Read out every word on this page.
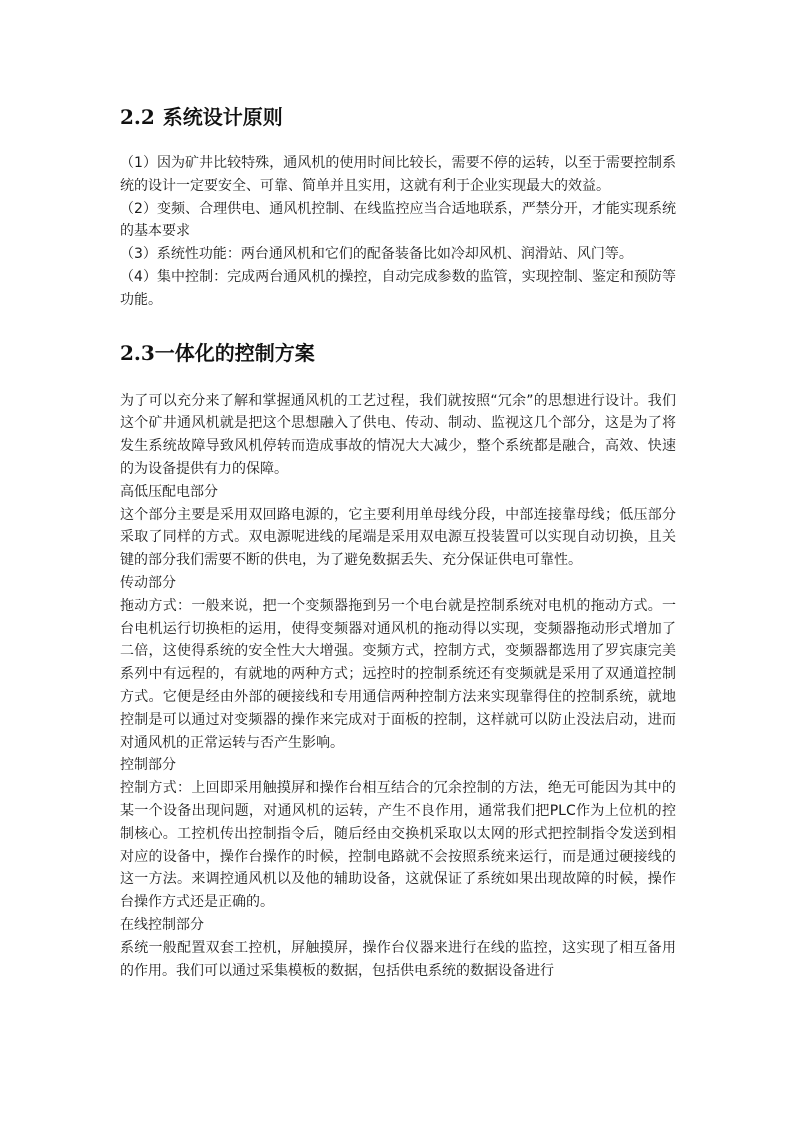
2.2 系统设计原则

（1）因为矿井比较特殊，通风机的使用时间比较长，需要不停的运转，以至于需要控制系统的设计一定要安全、可靠、简单并且实用，这就有利于企业实现最大的效益。

（2）变频、合理供电、通风机控制、在线监控应当合适地联系，严禁分开，才能实现系统的基本要求

（3）系统性功能：两台通风机和它们的配备装备比如冷却风机、润滑站、风门等。

（4）集中控制：完成两台通风机的操控，自动完成参数的监管，实现控制、鉴定和预防等功能。

2.3一体化的控制方案

为了可以充分来了解和掌握通风机的工艺过程，我们就按照“冗余”的思想进行设计。我们这个矿井通风机就是把这个思想融入了供电、传动、制动、监视这几个部分，这是为了将发生系统故障导致风机停转而造成事故的情况大大减少，整个系统都是融合，高效、快速的为设备提供有力的保障。

高低压配电部分

这个部分主要是采用双回路电源的，它主要利用单母线分段，中部连接靠母线；低压部分采取了同样的方式。双电源呢进线的尾端是采用双电源互投装置可以实现自动切换，且关键的部分我们需要不断的供电，为了避免数据丢失、充分保证供电可靠性。

传动部分

拖动方式：一般来说，把一个变频器拖到另一个电台就是控制系统对电机的拖动方式。一台电机运行切换柜的运用，使得变频器对通风机的拖动得以实现，变频器拖动形式增加了二倍，这使得系统的安全性大大增强。变频方式，控制方式，变频器都选用了罗宾康完美系列中有远程的，有就地的两种方式；远控时的控制系统还有变频就是采用了双通道控制方式。它便是经由外部的硬接线和专用通信两种控制方法来实现靠得住的控制系统，就地控制是可以通过对变频器的操作来完成对于面板的控制，这样就可以防止没法启动，进而对通风机的正常运转与否产生影响。

控制部分

控制方式：上回即采用触摸屏和操作台相互结合的冗余控制的方法，绝无可能因为其中的某一个设备出现问题，对通风机的运转，产生不良作用，通常我们把PLC作为上位机的控制核心。工控机传出控制指令后，随后经由交换机采取以太网的形式把控制指令发送到相对应的设备中，操作台操作的时候，控制电路就不会按照系统来运行，而是通过硬接线的这一方法。来调控通风机以及他的辅助设备，这就保证了系统如果出现故障的时候，操作台操作方式还是正确的。

在线控制部分

系统一般配置双套工控机，屏触摸屏，操作台仪器来进行在线的监控，这实现了相互备用的作用。我们可以通过采集模板的数据，包括供电系统的数据设备进行
